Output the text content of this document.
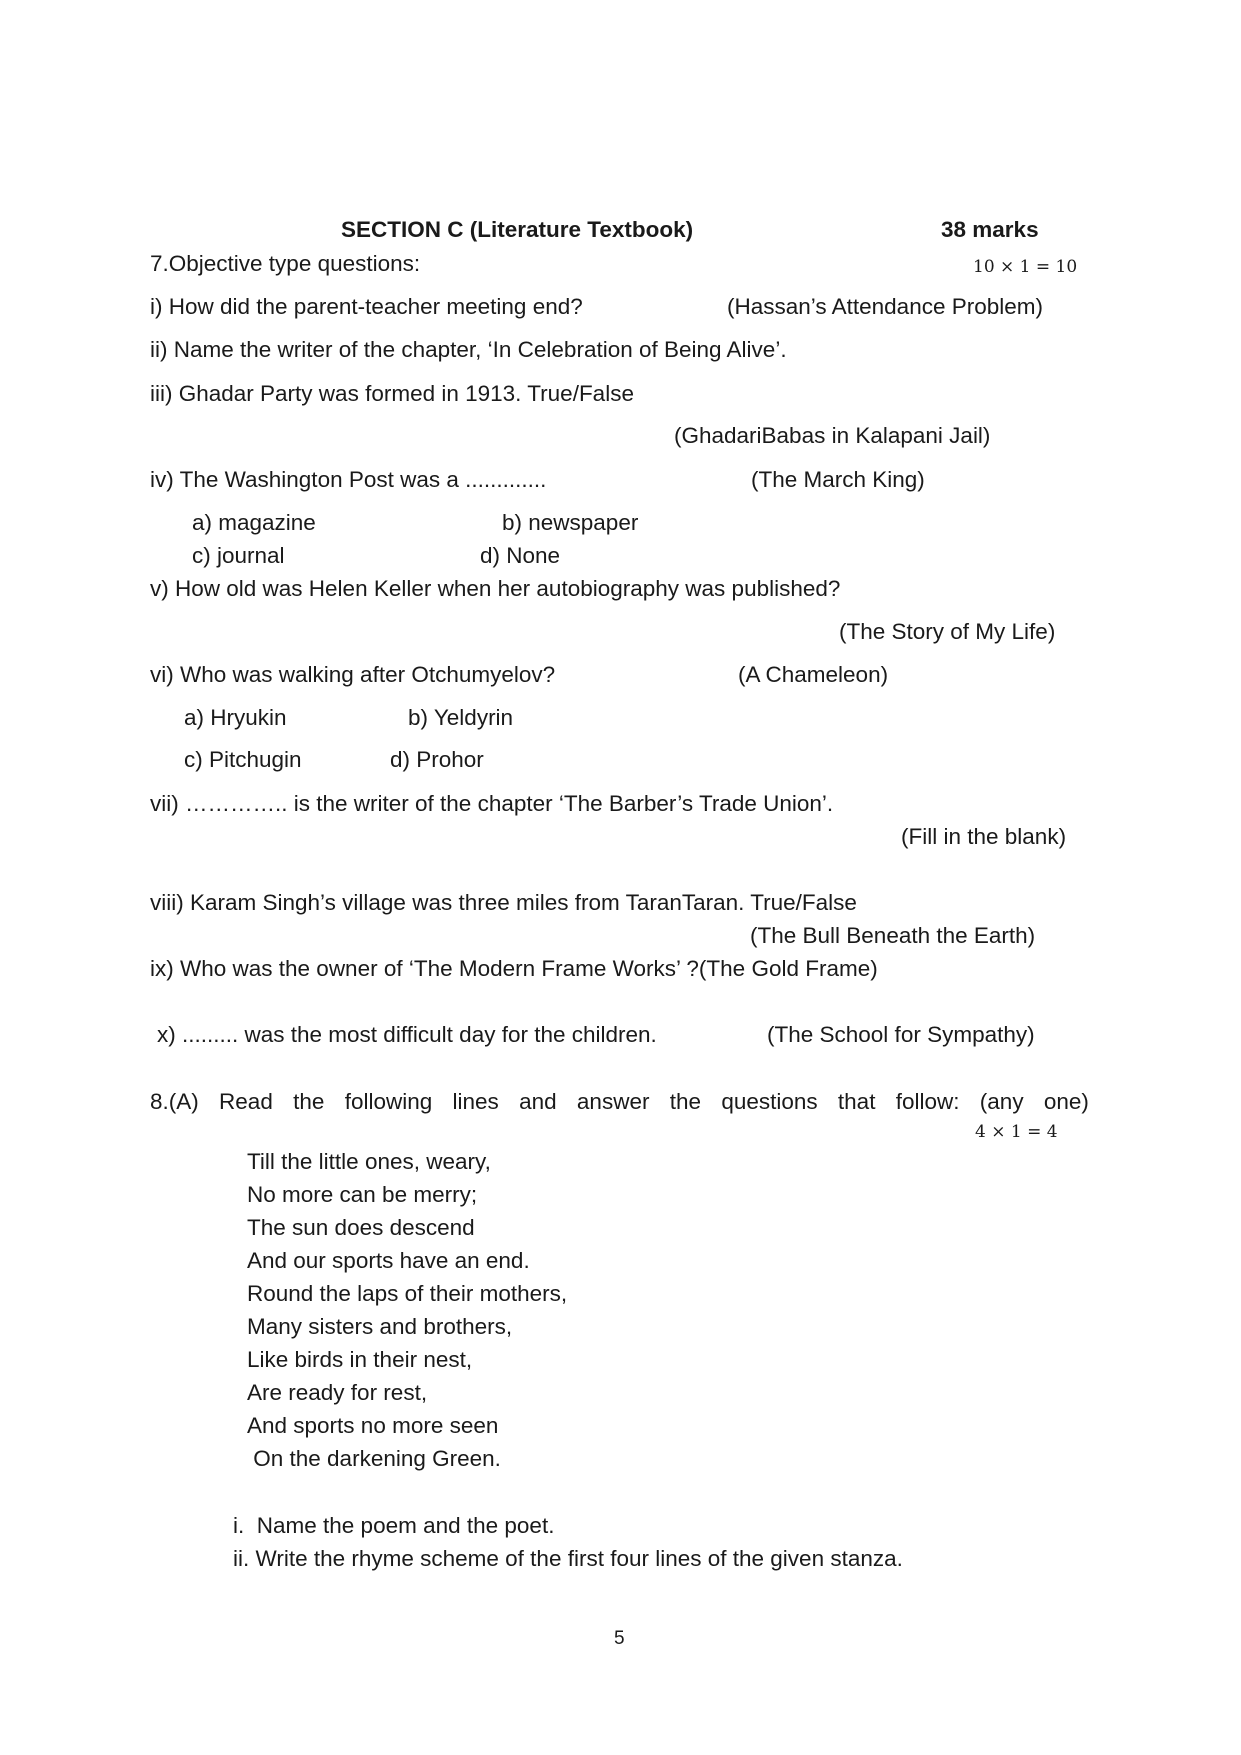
SECTION C (Literature Textbook)	38 marks
7.Objective type questions:	10 × 1 = 10
i) How did the parent-teacher meeting end?	(Hassan’s Attendance Problem)
ii) Name the writer of the chapter, ‘In Celebration of Being Alive’.
iii) Ghadar Party was formed in 1913. True/False
(GhadariBabas in Kalapani Jail)
iv) The Washington Post was a .............	(The March King)
a) magazine	b) newspaper
c) journal	d) None
v) How old was Helen Keller when her autobiography was published?
(The Story of My Life)
vi) Who was walking after Otchumyelov?	(A Chameleon)
a) Hryukin	b) Yeldyrin
c) Pitchugin	d) Prohor
vii) ………….. is the writer of the chapter ‘The Barber’s Trade Union’.
(Fill in the blank)
viii) Karam Singh’s village was three miles from TaranTaran. True/False
(The Bull Beneath the Earth)
ix) Who was the owner of ‘The Modern Frame Works’ ?(The Gold Frame)
x) ......... was the most difficult day for the children.	(The School for Sympathy)
8.(A) Read the following lines and answer the questions that follow: (any one)
4 × 1 = 4
Till the little ones, weary,
No more can be merry;
The sun does descend
And our sports have an end.
Round the laps of their mothers,
Many sisters and brothers,
Like birds in their nest,
Are ready for rest,
And sports no more seen
On the darkening Green.
i.  Name the poem and the poet.
ii. Write the rhyme scheme of the first four lines of the given stanza.
5
